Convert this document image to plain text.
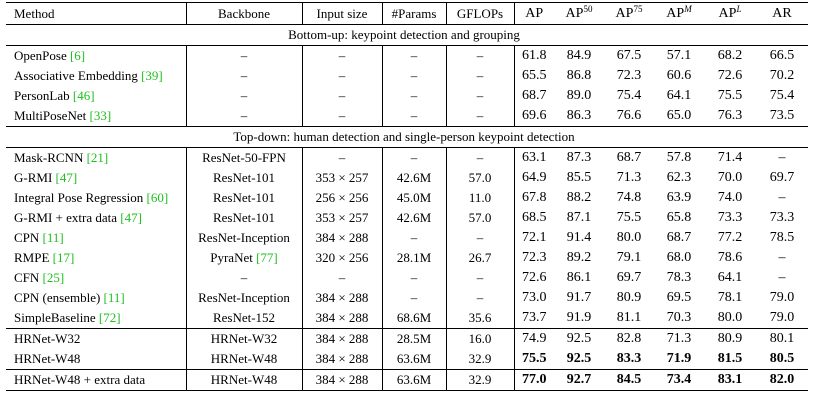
Method	Backbone	Input size	#Params	GFLOPs	AP	AP$^{50}$	AP$^{75}$	$AP^M$	$AP^L$	AR
Bottom-up: keypoint detection and grouping										
OpenPose [6]	–	–	–	–	61.8	84.9	67.5	57.1	68.2	66.5
Associative Embedding [39]	–	–	–	–	65.5	86.8	72.3	60.6	72.6	70.2
PersonLab [46]	–	–	–	–	68.7	89.0	75.4	64.1	75.5	75.4
MultiPoseNet [33]	–	–	–	–	69.6	86.3	76.6	65.0	76.3	73.5
Top-down: human detection and single-person keypoint detection										
Mask-RCNN [21]	ResNet-50-FPN	–	–	–	63.1	87.3	68.7	57.8	71.4	–
G-RMI [47]	ResNet-101	353 × 257	42.6M	57.0	64.9	85.5	71.3	62.3	70.0	69.7
Integral Pose Regression [60]	ResNet-101	256 × 256	45.0M	11.0	67.8	88.2	74.8	63.9	74.0	–
G-RMI + extra data [47]	ResNet-101	353 × 257	42.6M	57.0	68.5	87.1	75.5	65.8	73.3	73.3
CPN [11]	ResNet-Inception	384 × 288	–	–	72.1	91.4	80.0	68.7	77.2	78.5
RMPE [17]	PyraNet [77]	320 × 256	28.1M	26.7	72.3	89.2	79.1	68.0	78.6	–
CFN [25]	–	–	–	–	72.6	86.1	69.7	78.3	64.1	–
CPN (ensemble) [11]	ResNet-Inception	384 × 288	–	–	73.0	91.7	80.9	69.5	78.1	79.0
SimpleBaseline [72]	ResNet-152	384 × 288	68.6M	35.6	73.7	91.9	81.1	70.3	80.0	79.0
HRNet-W32	HRNet-W32	384 × 288	28.5M	16.0	74.9	92.5	82.8	71.3	80.9	80.1
HRNet-W48	HRNet-W48	384 × 288	63.6M	32.9	75.5	92.5	83.3	71.9	81.5	80.5
HRNet-W48 + extra data	HRNet-W48	384 × 288	63.6M	32.9	77.0	92.7	84.5	73.4	83.1	82.0
